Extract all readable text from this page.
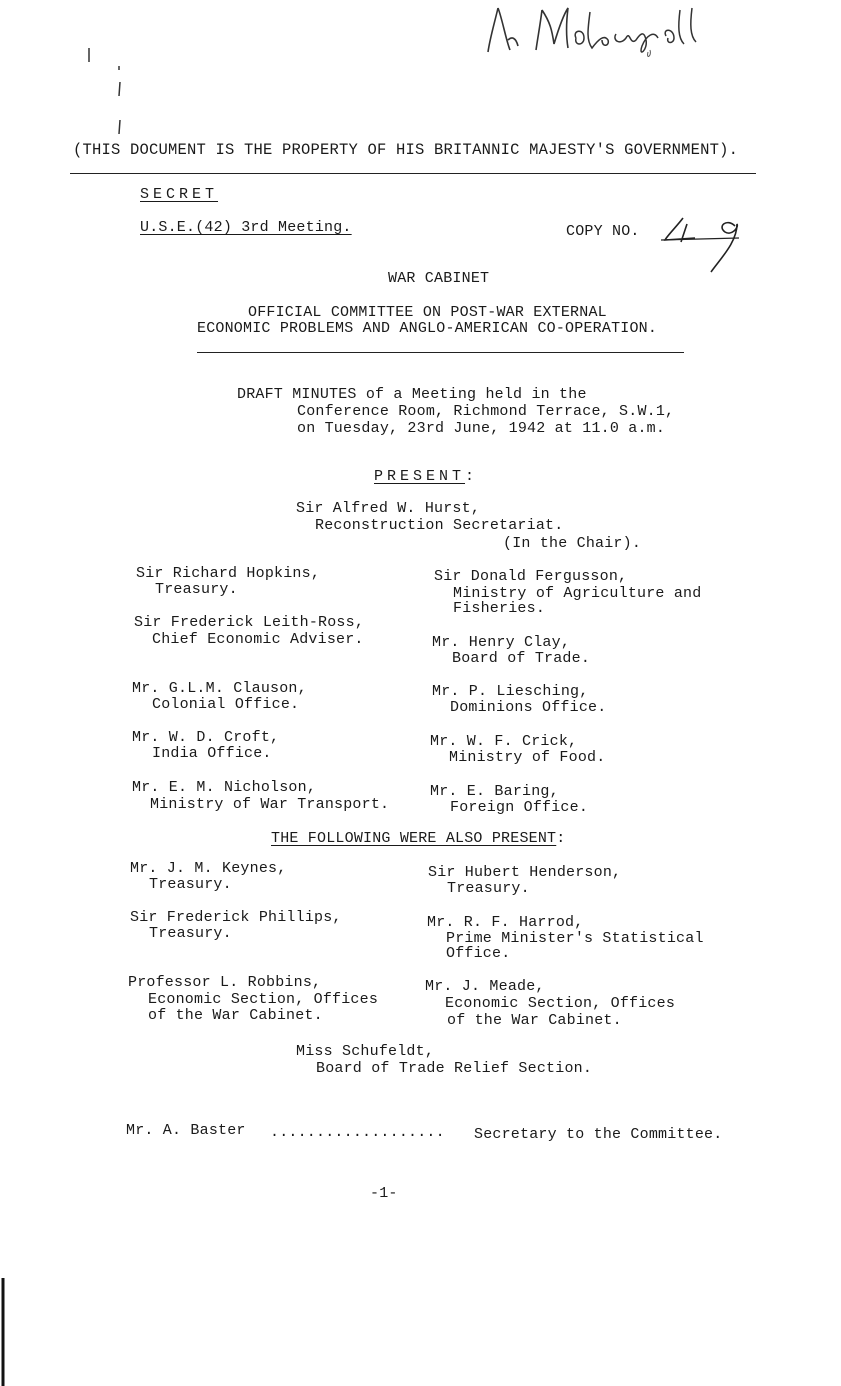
(THIS DOCUMENT IS THE PROPERTY OF HIS BRITANNIC MAJESTY'S GOVERNMENT).
SECRET
U.S.E.(42) 3rd Meeting.	COPY NO.

WAR CABINET
OFFICIAL COMMITTEE ON POST-WAR EXTERNAL
ECONOMIC PROBLEMS AND ANGLO-AMERICAN CO-OPERATION.
DRAFT MINUTES of a Meeting held in the
Conference Room, Richmond Terrace, S.W.1,
on Tuesday, 23rd June, 1942 at 11.0 a.m.
PRESENT:
Sir Alfred W. Hurst,
Reconstruction Secretariat.
(In the Chair).
Sir Richard Hopkins,
Treasury.
Sir Frederick Leith-Ross,
Chief Economic Adviser.
Mr. G.L.M. Clauson,
Colonial Office.
Mr. W. D. Croft,
India Office.
Mr. E. M. Nicholson,
Ministry of War Transport.
Sir Donald Fergusson,
Ministry of Agriculture and
Fisheries.
Mr. Henry Clay,
Board of Trade.
Mr. P. Liesching,
Dominions Office.
Mr. W. F. Crick,
Ministry of Food.
Mr. E. Baring,
Foreign Office.
THE FOLLOWING WERE ALSO PRESENT:
Mr. J. M. Keynes,
Treasury.
Sir Frederick Phillips,
Treasury.
Professor L. Robbins,
Economic Section, Offices
of the War Cabinet.
Sir Hubert Henderson,
Treasury.
Mr. R. F. Harrod,
Prime Minister's Statistical
Office.
Mr. J. Meade,
Economic Section, Offices
of the War Cabinet.
Miss Schufeldt,
Board of Trade Relief Section.
Mr. A. Baster ................... Secretary to the Committee.
-1-
